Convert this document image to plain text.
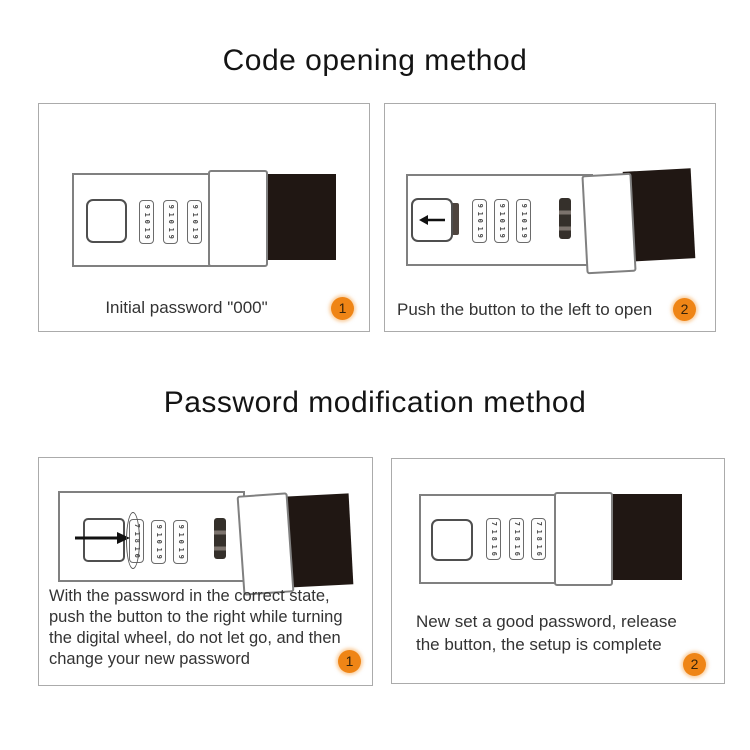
Code opening method
9
1
0
1
9
9
1
0
1
9
9
1
0
1
9
Initial password "000"	1
9
1
0
1
9
9
1
0
1
9
9
1
0
1
9
Push the button to the left to open	2
Password modification method
7
1
8
1
0
9
1
0
1
9
9
1
0
1
9
With the password in the correct state,
push the button to the right while turning
the digital wheel, do not let go, and then
change your new password	1
7
1
8
1
6
7
1
8
1
6
7
1
8
1
6
New set a good password, release
the button, the setup is complete
2
